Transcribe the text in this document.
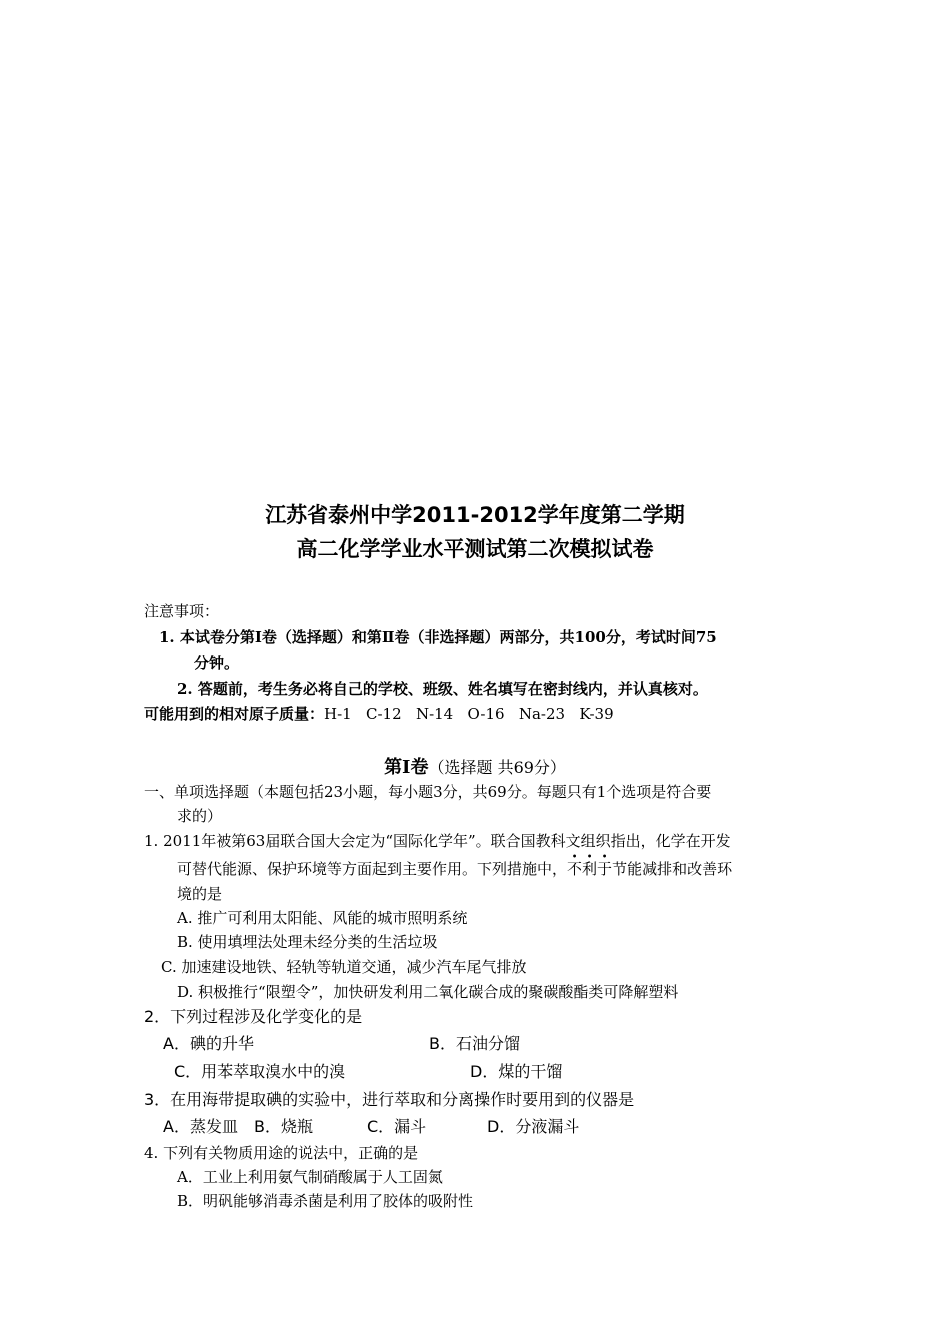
江苏省泰州中学2011-2012学年度第二学期
高二化学学业水平测试第二次模拟试卷
注意事项：
1. 本试卷分第Ⅰ卷（选择题）和第Ⅱ卷（非选择题）两部分，共100分，考试时间75
分钟。
2. 答题前，考生务必将自己的学校、班级、姓名填写在密封线内，并认真核对。
可能用到的相对原子质量：H-1   C-12   N-14   O-16   Na-23   K-39
第Ⅰ卷（选择题 共69分）
一、单项选择题（本题包括23小题，每小题3分，共69分。每题只有1个选项是符合要
求的）
1. 2011年被第63届联合国大会定为“国际化学年”。联合国教科文组织指出，化学在开发
可替代能源、保护环境等方面起到主要作用。下列措施中，
•
不
•
利
•
于节能减排和改善环
境的是
A. 推广可利用太阳能、风能的城市照明系统
B. 使用填埋法处理未经分类的生活垃圾
C. 加速建设地铁、轻轨等轨道交通，减少汽车尾气排放
D. 积极推行“限塑令”，加快研发利用二氧化碳合成的聚碳酸酯类可降解塑料
2．下列过程涉及化学变化的是
A．碘的升华	B．石油分馏
C．用苯萃取溴水中的溴	D．煤的干馏
3．在用海带提取碘的实验中，进行萃取和分离操作时要用到的仪器是
A．蒸发皿 B．烧瓶	C．漏斗	D．分液漏斗
4. 下列有关物质用途的说法中，正确的是
A．工业上利用氨气制硝酸属于人工固氮
B．明矾能够消毒杀菌是利用了胶体的吸附性
